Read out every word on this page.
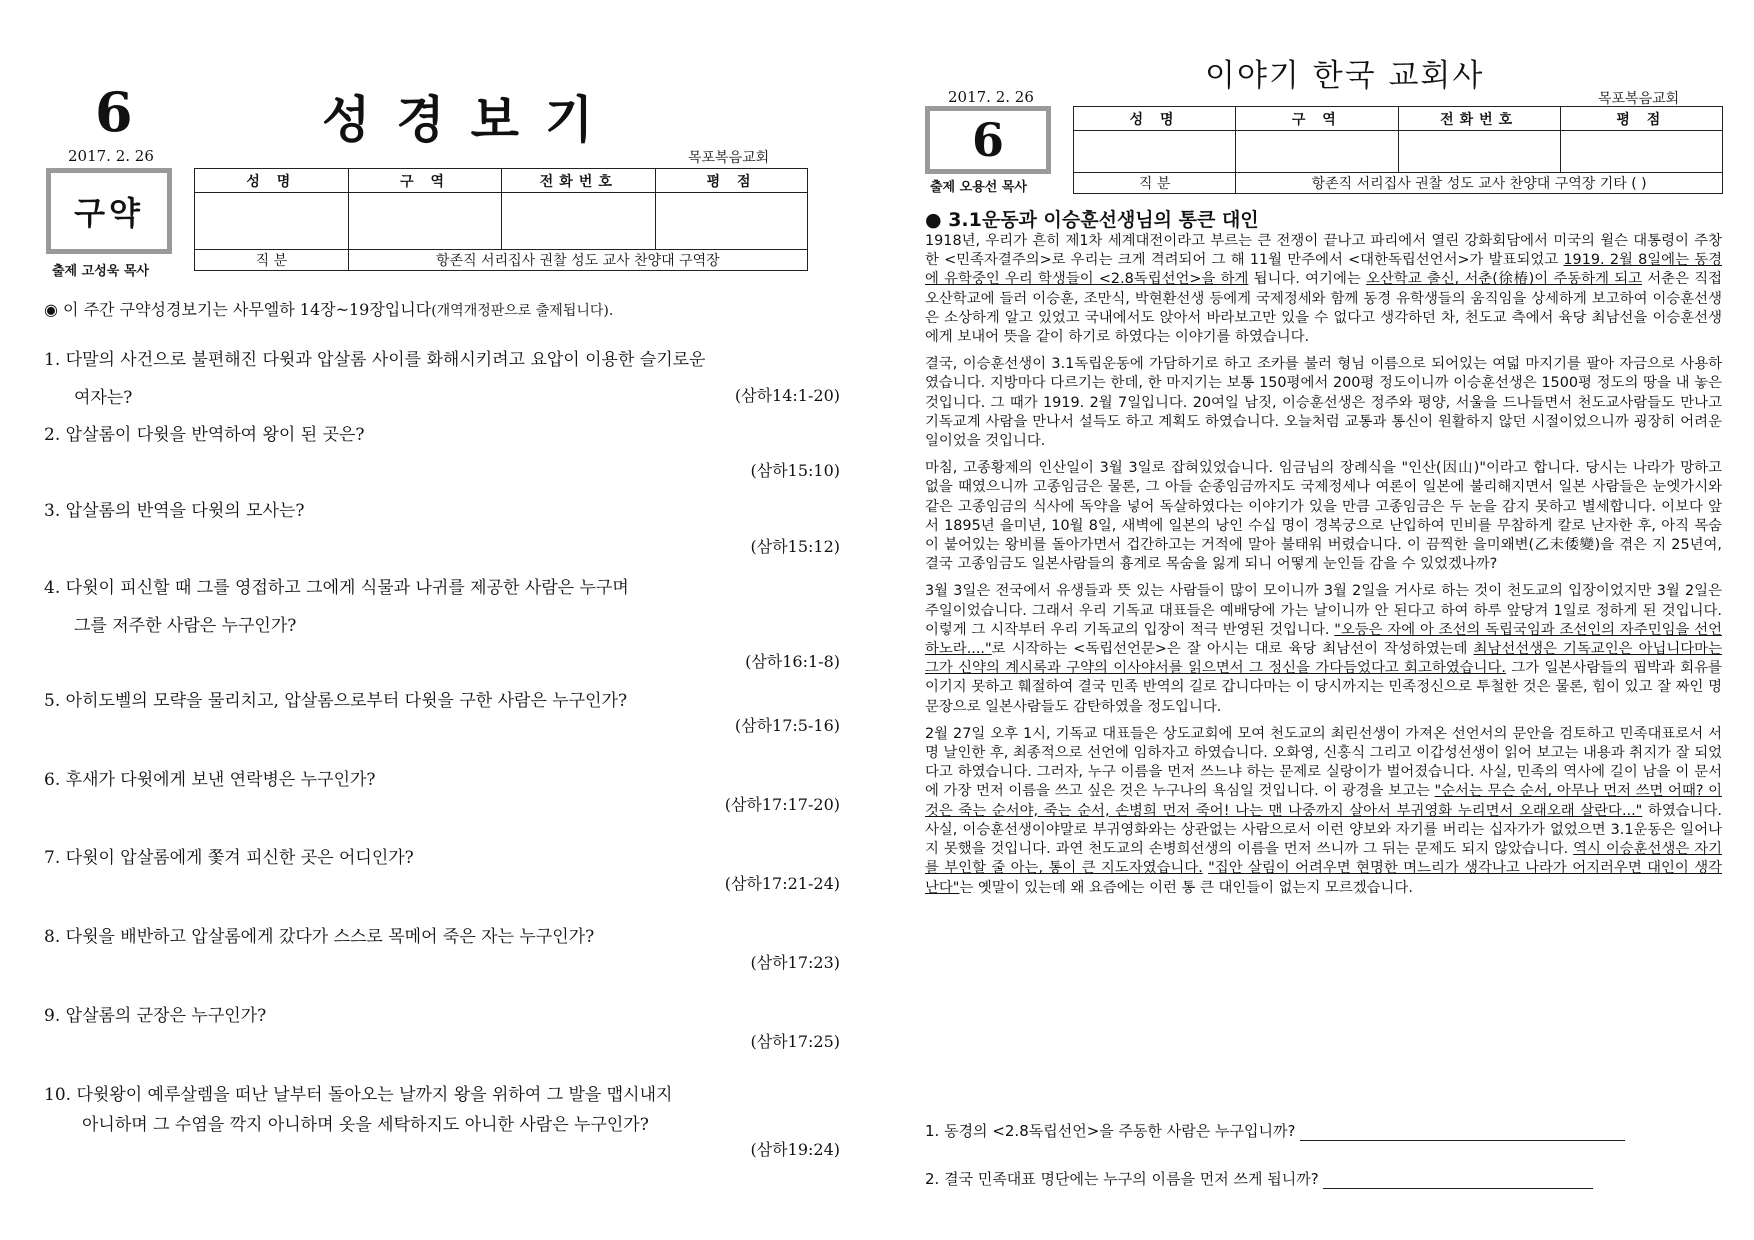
6	성경보기
2017. 2. 26	목포복음교회
구약
출제 고성욱 목사
성 명	구 역	전화번호	평 점

직 분	항존직 서리집사 권찰 성도 교사 찬양대 구역장		
◉ 이 주간 구약성경보기는 사무엘하 14장~19장입니다(개역개정판으로 출제됩니다).
1. 다말의 사건으로 불편해진 다윗과 압살롬 사이를 화해시키려고 요압이 이용한 슬기로운
여자는?	(삼하14:1-20)
2. 압살롬이 다윗을 반역하여 왕이 된 곳은?
(삼하15:10)
3. 압살롬의 반역을 다윗의 모사는?
(삼하15:12)
4. 다윗이 피신할 때 그를 영접하고 그에게 식물과 나귀를 제공한 사람은 누구며
그를 저주한 사람은 누구인가?
(삼하16:1-8)
5. 아히도벨의 모략을 물리치고, 압살롬으로부터 다윗을 구한 사람은 누구인가?
(삼하17:5-16)
6. 후새가 다윗에게 보낸 연락병은 누구인가?
(삼하17:17-20)
7. 다윗이 압살롬에게 쫓겨 피신한 곳은 어디인가?
(삼하17:21-24)
8. 다윗을 배반하고 압살롬에게 갔다가 스스로 목메어 죽은 자는 누구인가?
(삼하17:23)
9. 압살롬의 군장은 누구인가?
(삼하17:25)
10. 다윗왕이 예루살렘을 떠난 날부터 돌아오는 날까지 왕을 위하여 그 발을 맵시내지
아니하며 그 수염을 깍지 아니하며 옷을 세탁하지도 아니한 사람은 누구인가?
(삼하19:24)
이야기 한국 교회사
2017. 2. 26	목포복음교회
6
출제 오용선 목사
성 명	구 역	전화번호	평 점

직 분	항존직 서리집사 권찰 성도 교사 찬양대 구역장 기타 ( )		
● 3.1운동과 이승훈선생님의 통큰 대인

1918년, 우리가 흔히 제1차 세계대전이라고 부르는 큰 전쟁이 끝나고 파리에서 열린 강화회담에서 미국의 윌슨 대통령이 주창한 <민족자결주의>로 우리는 크게 격려되어 그 해 11월 만주에서 <대한독립선언서>가 발표되었고 1919. 2월 8일에는 동경에 유학중인 우리 학생들이 <2.8독립선언>을 하게 됩니다. 여기에는 오산학교 출신, 서춘(徐椿)이 주동하게 되고 서춘은 직접 오산학교에 들러 이승훈, 조만식, 박현환선생 등에게 국제정세와 함께 동경 유학생들의 움직임을 상세하게 보고하여 이승훈선생은 소상하게 알고 있었고 국내에서도 앉아서 바라보고만 있을 수 없다고 생각하던 차, 천도교 측에서 육당 최남선을 이승훈선생에게 보내어 뜻을 같이 하기로 하였다는 이야기를 하였습니다.

결국, 이승훈선생이 3.1독립운동에 가담하기로 하고 조카를 불러 형님 이름으로 되어있는 여덟 마지기를 팔아 자금으로 사용하였습니다. 지방마다 다르기는 한데, 한 마지기는 보통 150평에서 200평 정도이니까 이승훈선생은 1500평 정도의 땅을 내 놓은 것입니다. 그 때가 1919. 2월 7일입니다. 20여일 남짓, 이승훈선생은 정주와 평양, 서울을 드나들면서 천도교사람들도 만나고 기독교계 사람을 만나서 설득도 하고 계획도 하였습니다. 오늘처럼 교통과 통신이 원활하지 않던 시절이었으니까 굉장히 어려운 일이었을 것입니다.

마침, 고종황제의 인산일이 3월 3일로 잡혀있었습니다. 임금님의 장례식을 "인산(因山)"이라고 합니다. 당시는 나라가 망하고 없을 때였으니까 고종임금은 물론, 그 아들 순종임금까지도 국제정세나 여론이 일본에 불리해지면서 일본 사람들은 눈엣가시와 같은 고종임금의 식사에 독약을 넣어 독살하였다는 이야기가 있을 만큼 고종임금은 두 눈을 감지 못하고 별세합니다. 이보다 앞서 1895년 을미년, 10월 8일, 새벽에 일본의 낭인 수십 명이 경복궁으로 난입하여 민비를 무참하게 칼로 난자한 후, 아직 목숨이 붙어있는 왕비를 돌아가면서 겁간하고는 거적에 말아 불태워 버렸습니다. 이 끔찍한 을미왜변(乙未倭變)을 겪은 지 25년여, 결국 고종임금도 일본사람들의 흉계로 목숨을 잃게 되니 어떻게 눈인들 감을 수 있었겠나까?

3월 3일은 전국에서 유생들과 뜻 있는 사람들이 많이 모이니까 3월 2일을 거사로 하는 것이 천도교의 입장이었지만 3월 2일은 주일이었습니다. 그래서 우리 기독교 대표들은 예배당에 가는 날이니까 안 된다고 하여 하루 앞당겨 1일로 정하게 된 것입니다. 이렇게 그 시작부터 우리 기독교의 입장이 적극 반영된 것입니다. "오등은 자에 아 조선의 독립국임과 조선인의 자주민임을 선언하노라...."로 시작하는 <독립선언문>은 잘 아시는 대로 육당 최남선이 작성하였는데 최남선선생은 기독교인은 아닙니다마는 그가 신약의 계시록과 구약의 이사야서를 읽으면서 그 정신을 가다듬었다고 회고하였습니다. 그가 일본사람들의 핍박과 회유를 이기지 못하고 훼절하여 결국 민족 반역의 길로 갑니다마는 이 당시까지는 민족정신으로 투철한 것은 물론, 힘이 있고 잘 짜인 명문장으로 일본사람들도 감탄하였을 정도입니다.

2월 27일 오후 1시, 기독교 대표들은 상도교회에 모여 천도교의 최린선생이 가져온 선언서의 문안을 검토하고 민족대표로서 서명 날인한 후, 최종적으로 선언에 임하자고 하였습니다. 오화영, 신홍식 그리고 이갑성선생이 읽어 보고는 내용과 취지가 잘 되었다고 하였습니다. 그러자, 누구 이름을 먼저 쓰느냐 하는 문제로 실랑이가 벌어졌습니다. 사실, 민족의 역사에 길이 남을 이 문서에 가장 먼저 이름을 쓰고 싶은 것은 누구나의 욕심일 것입니다. 이 광경을 보고는 "순서는 무슨 순서, 아무나 먼저 쓰면 어때? 이것은 죽는 순서야, 죽는 순서, 손병희 먼저 죽어! 나는 맨 나중까지 살아서 부귀영화 누리면서 오래오래 살란다..." 하였습니다. 사실, 이승훈선생이야말로 부귀영화와는 상관없는 사람으로서 이런 양보와 자기를 버리는 십자가가 없었으면 3.1운동은 일어나지 못했을 것입니다. 과연 천도교의 손병희선생의 이름을 먼저 쓰니까 그 뒤는 문제도 되지 않았습니다. 역시 이승훈선생은 자기를 부인할 줄 아는, 통이 큰 지도자였습니다. "집안 살림이 어려우면 현명한 며느리가 생각나고 나라가 어지러우면 대인이 생각난다"는 옛말이 있는데 왜 요즘에는 이런 통 큰 대인들이 없는지 모르겠습니다.

1. 동경의 <2.8독립선언>을 주동한 사람은 누구입니까?
2. 결국 민족대표 명단에는 누구의 이름을 먼저 쓰게 됩니까?
